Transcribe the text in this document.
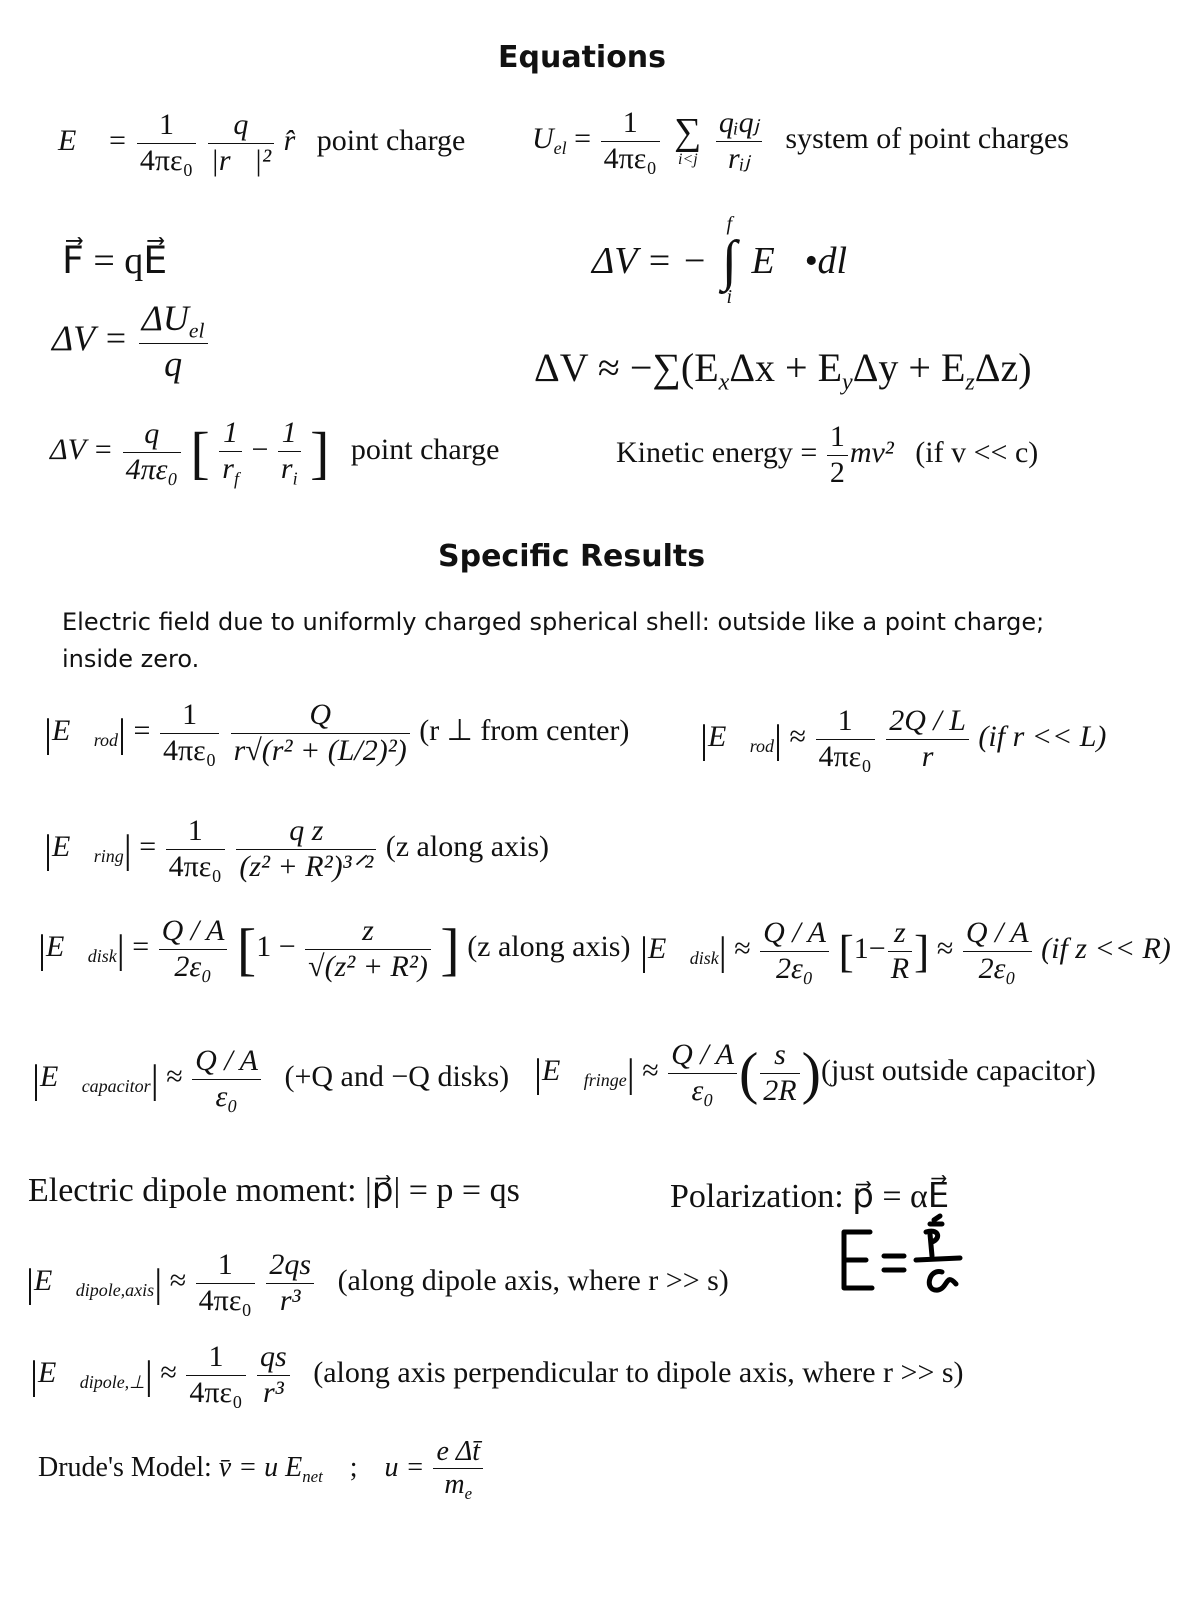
Equations
Specific Results
E⃗ = $\frac{1}{\text{4πε₀}}$
$\frac{q}{\text{|r⃗|²}}$ r̂ point charge $U_{el} = \frac{1}{\text{4πε₀}}$
∑
i<j
$\frac{\text{qᵢqⱼ}}{\text{rᵢⱼ}}$ system of point charges
F⃗ = qE⃗	ΔV = −
f
∫
i
E⃗•dl⃗
$\Delta V = \frac{\Delta U_{el}}{q}$	$\Delta V \approx -\sum(E_x\Delta x + E_y\Delta y + E_z\Delta z)$
$\Delta V = \frac{q}{\text{4πε₀}}$ [ $\frac{1}{r_f} - \frac{1}{r_i}$ ] point charge	Kinetic energy = $\frac{1}{2} mv^2$ (if v << c)
Electric field due to uniformly charged spherical shell: outside like a point charge; inside zero.
$|E⃗_{rod}| = \frac{1}{\text{4πε₀}}$
$\frac{Q}{\text{r√(r² + (L/2)²)}} (r$ ⊥ from center) $|E⃗_{rod}| \approx \frac{1}{\text{4πε₀}}$
$\frac{2Q / L}{r} (if$ r << L)
$|E⃗_{ring}| = \frac{1}{\text{4πε₀}}$
$\frac{\text{q z}}{\text{(z² + R²)³ᐟ²}} (z$ along axis)
$|E⃗_{disk}| = \frac{Q / A}{\text{2ε₀}} [1 - \frac{z}{\text{√(z² + R²)}}$ ] (z along axis) $|E⃗_{disk}| \approx \frac{Q / A}{\text{2ε₀}} [1- \frac{z}{R}$ ] ≈ $\frac{Q / A}{\text{2ε₀}} (if$ z << R)
$|E⃗_{capacitor}| \approx \frac{Q / A}{\text{ε₀}} (+Q$ and −Q disks) $|E⃗_{fringe}| \approx \frac{Q / A}{\text{ε₀}}$ ( $\frac{s}{2R}$ )(just outside capacitor)
Electric dipole moment: |p⃗| = p = qs	Polarization: p⃗ = αE⃗
$|E⃗_{dipole,axis}| \approx \frac{1}{\text{4πε₀}}$
$\frac{2qs}{\text{r³}}$ (along dipole axis, where r >> s)
$|E⃗_{dipole,\perp}| \approx \frac{1}{\text{4πε₀}}$
$\frac{qs}{\text{r³}}$ (along axis perpendicular to dipole axis, where r >> s)
Drude's Model: v̄ = u $E_{net}$ ; $u = \frac{\text{e Δt̄}}{m_e}$
